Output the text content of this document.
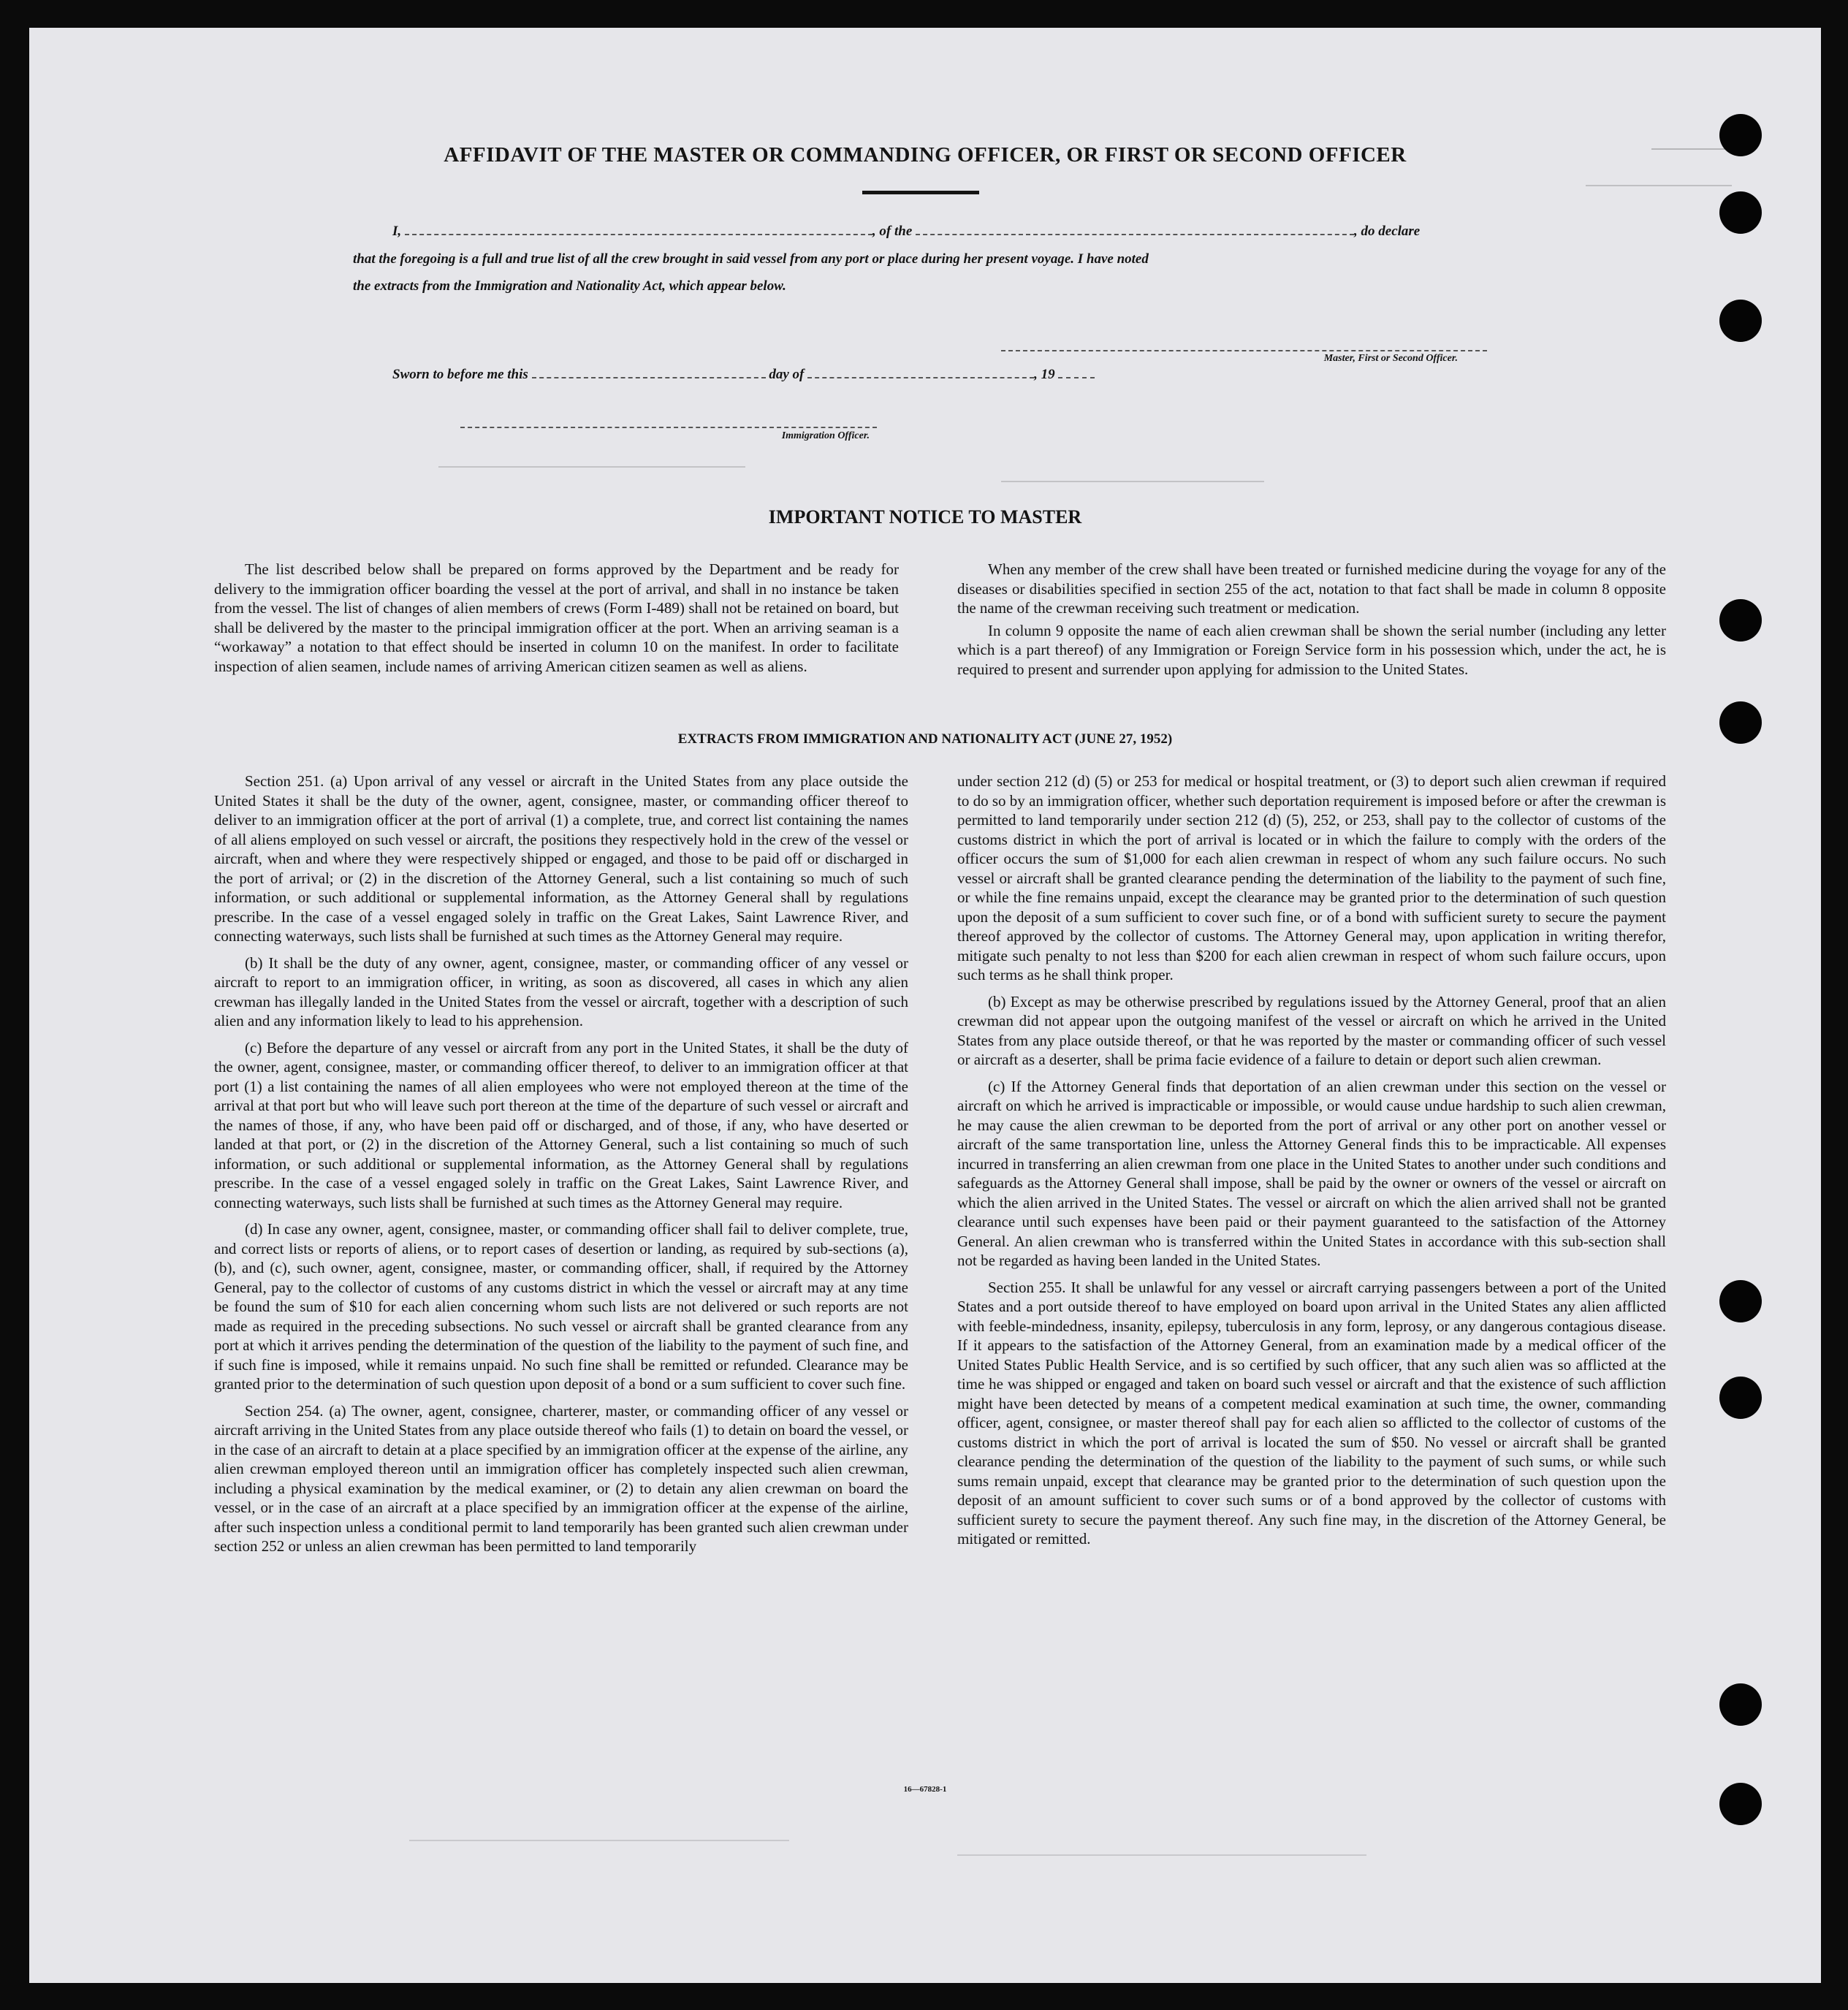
AFFIDAVIT OF THE MASTER OR COMMANDING OFFICER, OR FIRST OR SECOND OFFICER
I,	, of the	, do declare
that the foregoing is a full and true list of all the crew brought in said vessel from any port or place during her present voyage. I have noted
the extracts from the Immigration and Nationality Act, which appear below.
Master, First or Second Officer.
Sworn to before me this	day of	, 19
Immigration Officer.
IMPORTANT NOTICE TO MASTER

The list described below shall be prepared on forms approved by the Department and be ready for delivery to the immigration officer boarding the vessel at the port of arrival, and shall in no instance be taken from the vessel. The list of changes of alien members of crews (Form I-489) shall not be retained on board, but shall be delivered by the master to the principal immigration officer at the port. When an arriving seaman is a “workaway” a notation to that effect should be inserted in column 10 on the manifest. In order to facilitate inspection of alien seamen, include names of arriving American citizen seamen as well as aliens.

When any member of the crew shall have been treated or furnished medicine during the voyage for any of the diseases or disabilities specified in section 255 of the act, notation to that fact shall be made in column 8 opposite the name of the crewman receiving such treatment or medication.

In column 9 opposite the name of each alien crewman shall be shown the serial number (including any letter which is a part thereof) of any Immigration or Foreign Service form in his possession which, under the act, he is required to present and surrender upon applying for admission to the United States.

EXTRACTS FROM IMMIGRATION AND NATIONALITY ACT (JUNE 27, 1952)

Section 251. (a) Upon arrival of any vessel or aircraft in the United States from any place outside the United States it shall be the duty of the owner, agent, consignee, master, or commanding officer thereof to deliver to an immigration officer at the port of arrival (1) a complete, true, and correct list containing the names of all aliens employed on such vessel or aircraft, the positions they respectively hold in the crew of the vessel or aircraft, when and where they were respectively shipped or engaged, and those to be paid off or discharged in the port of arrival; or (2) in the discretion of the Attorney General, such a list containing so much of such information, or such additional or supplemental information, as the Attorney General shall by regulations prescribe. In the case of a vessel engaged solely in traffic on the Great Lakes, Saint Lawrence River, and connecting waterways, such lists shall be furnished at such times as the Attorney General may require.

(b) It shall be the duty of any owner, agent, consignee, master, or commanding officer of any vessel or aircraft to report to an immigration officer, in writing, as soon as discovered, all cases in which any alien crewman has illegally landed in the United States from the vessel or aircraft, together with a description of such alien and any information likely to lead to his apprehension.

(c) Before the departure of any vessel or aircraft from any port in the United States, it shall be the duty of the owner, agent, consignee, master, or commanding officer thereof, to deliver to an immigration officer at that port (1) a list containing the names of all alien employees who were not employed thereon at the time of the arrival at that port but who will leave such port thereon at the time of the departure of such vessel or aircraft and the names of those, if any, who have been paid off or discharged, and of those, if any, who have deserted or landed at that port, or (2) in the discretion of the Attorney General, such a list containing so much of such information, or such additional or supplemental information, as the Attorney General shall by regulations prescribe. In the case of a vessel engaged solely in traffic on the Great Lakes, Saint Lawrence River, and connecting waterways, such lists shall be furnished at such times as the Attorney General may require.

(d) In case any owner, agent, consignee, master, or commanding officer shall fail to deliver complete, true, and correct lists or reports of aliens, or to report cases of desertion or landing, as required by sub-sections (a), (b), and (c), such owner, agent, consignee, master, or commanding officer, shall, if required by the Attorney General, pay to the collector of customs of any customs district in which the vessel or aircraft may at any time be found the sum of $10 for each alien concerning whom such lists are not delivered or such reports are not made as required in the preceding subsections. No such vessel or aircraft shall be granted clearance from any port at which it arrives pending the determination of the question of the liability to the payment of such fine, and if such fine is imposed, while it remains unpaid. No such fine shall be remitted or refunded. Clearance may be granted prior to the determination of such question upon deposit of a bond or a sum sufficient to cover such fine.

Section 254. (a) The owner, agent, consignee, charterer, master, or commanding officer of any vessel or aircraft arriving in the United States from any place outside thereof who fails (1) to detain on board the vessel, or in the case of an aircraft to detain at a place specified by an immigration officer at the expense of the airline, any alien crewman employed thereon until an immigration officer has completely inspected such alien crewman, including a physical examination by the medical examiner, or (2) to detain any alien crewman on board the vessel, or in the case of an aircraft at a place specified by an immigration officer at the expense of the airline, after such inspection unless a conditional permit to land temporarily has been granted such alien crewman under section 252 or unless an alien crewman has been permitted to land temporarily

under section 212 (d) (5) or 253 for medical or hospital treatment, or (3) to deport such alien crewman if required to do so by an immigration officer, whether such deportation requirement is imposed before or after the crewman is permitted to land temporarily under section 212 (d) (5), 252, or 253, shall pay to the collector of customs of the customs district in which the port of arrival is located or in which the failure to comply with the orders of the officer occurs the sum of $1,000 for each alien crewman in respect of whom any such failure occurs. No such vessel or aircraft shall be granted clearance pending the determination of the liability to the payment of such fine, or while the fine remains unpaid, except the clearance may be granted prior to the determination of such question upon the deposit of a sum sufficient to cover such fine, or of a bond with sufficient surety to secure the payment thereof approved by the collector of customs. The Attorney General may, upon application in writing therefor, mitigate such penalty to not less than $200 for each alien crewman in respect of whom such failure occurs, upon such terms as he shall think proper.

(b) Except as may be otherwise prescribed by regulations issued by the Attorney General, proof that an alien crewman did not appear upon the outgoing manifest of the vessel or aircraft on which he arrived in the United States from any place outside thereof, or that he was reported by the master or commanding officer of such vessel or aircraft as a deserter, shall be prima facie evidence of a failure to detain or deport such alien crewman.

(c) If the Attorney General finds that deportation of an alien crewman under this section on the vessel or aircraft on which he arrived is impracticable or impossible, or would cause undue hardship to such alien crewman, he may cause the alien crewman to be deported from the port of arrival or any other port on another vessel or aircraft of the same transportation line, unless the Attorney General finds this to be impracticable. All expenses incurred in transferring an alien crewman from one place in the United States to another under such conditions and safeguards as the Attorney General shall impose, shall be paid by the owner or owners of the vessel or aircraft on which the alien arrived in the United States. The vessel or aircraft on which the alien arrived shall not be granted clearance until such expenses have been paid or their payment guaranteed to the satisfaction of the Attorney General. An alien crewman who is transferred within the United States in accordance with this sub-section shall not be regarded as having been landed in the United States.

Section 255. It shall be unlawful for any vessel or aircraft carrying passengers between a port of the United States and a port outside thereof to have employed on board upon arrival in the United States any alien afflicted with feeble-mindedness, insanity, epilepsy, tuberculosis in any form, leprosy, or any dangerous contagious disease. If it appears to the satisfaction of the Attorney General, from an examination made by a medical officer of the United States Public Health Service, and is so certified by such officer, that any such alien was so afflicted at the time he was shipped or engaged and taken on board such vessel or aircraft and that the existence of such affliction might have been detected by means of a competent medical examination at such time, the owner, commanding officer, agent, consignee, or master thereof shall pay for each alien so afflicted to the collector of customs of the customs district in which the port of arrival is located the sum of $50. No vessel or aircraft shall be granted clearance pending the determination of the question of the liability to the payment of such sums, or while such sums remain unpaid, except that clearance may be granted prior to the determination of such question upon the deposit of an amount sufficient to cover such sums or of a bond approved by the collector of customs with sufficient surety to secure the payment thereof. Any such fine may, in the discretion of the Attorney General, be mitigated or remitted.

16—67828-1
